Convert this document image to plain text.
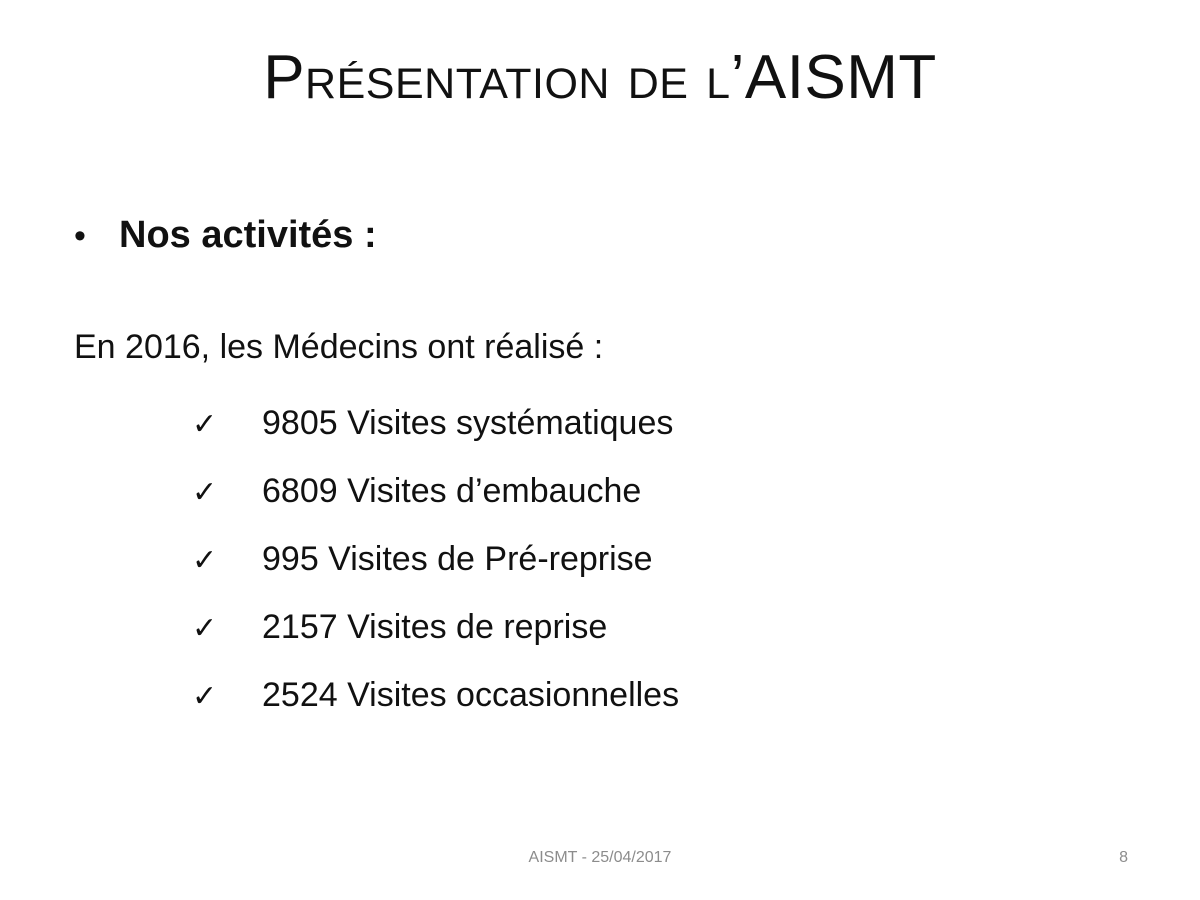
Présentation de l’AISMT
• Nos activités :
En 2016, les Médecins ont réalisé :
✓	9805 Visites systématiques
✓	6809 Visites d’embauche
✓	995 Visites de Pré-reprise
✓	2157 Visites de reprise
✓	2524 Visites occasionnelles
AISMT - 25/04/2017	8
